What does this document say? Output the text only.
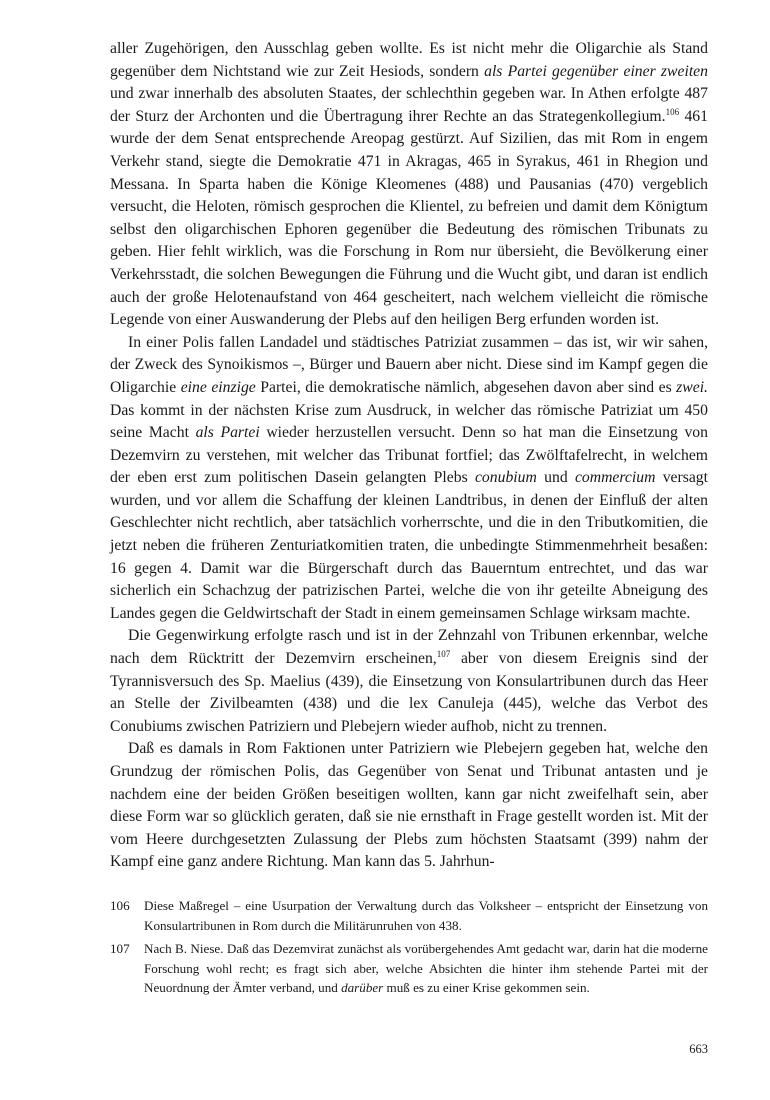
aller Zugehörigen, den Ausschlag geben wollte. Es ist nicht mehr die Oligarchie als Stand gegenüber dem Nichtstand wie zur Zeit Hesiods, sondern als Partei gegenüber einer zweiten und zwar innerhalb des absoluten Staates, der schlechthin gegeben war. In Athen erfolgte 487 der Sturz der Archonten und die Übertragung ihrer Rechte an das Strategenkollegium.$^{106}$ 461 wurde der dem Senat entsprechende Areopag gestürzt. Auf Sizilien, das mit Rom in engem Verkehr stand, siegte die Demokratie 471 in Akragas, 465 in Syrakus, 461 in Rhegion und Messana. In Sparta haben die Könige Kleomenes (488) und Pausanias (470) vergeblich versucht, die Heloten, römisch gesprochen die Klientel, zu befreien und damit dem Königtum selbst den oligarchischen Ephoren gegenüber die Bedeutung des römischen Tribunats zu geben. Hier fehlt wirklich, was die Forschung in Rom nur übersieht, die Bevölkerung einer Verkehrsstadt, die solchen Bewegungen die Führung und die Wucht gibt, und daran ist endlich auch der große Helotenaufstand von 464 gescheitert, nach welchem vielleicht die römische Legende von einer Auswanderung der Plebs auf den heiligen Berg erfunden worden ist.

In einer Polis fallen Landadel und städtisches Patriziat zusammen – das ist, wir wir sahen, der Zweck des Synoikismos –, Bürger und Bauern aber nicht. Diese sind im Kampf gegen die Oligarchie eine einzige Partei, die demokratische nämlich, abgesehen davon aber sind es zwei. Das kommt in der nächsten Krise zum Ausdruck, in welcher das römische Patriziat um 450 seine Macht als Partei wieder herzustellen versucht. Denn so hat man die Einsetzung von Dezemvirn zu verstehen, mit welcher das Tribunat fortfiel; das Zwölftafelrecht, in welchem der eben erst zum politischen Dasein gelangten Plebs conubium und commercium versagt wurden, und vor allem die Schaffung der kleinen Landtribus, in denen der Einfluß der alten Geschlechter nicht rechtlich, aber tatsächlich vorherrschte, und die in den Tributkomitien, die jetzt neben die früheren Zenturiatkomitien traten, die unbedingte Stimmenmehrheit besaßen: 16 gegen 4. Damit war die Bürgerschaft durch das Bauerntum entrechtet, und das war sicherlich ein Schachzug der patrizischen Partei, welche die von ihr geteilte Abneigung des Landes gegen die Geldwirtschaft der Stadt in einem gemeinsamen Schlage wirksam machte.

Die Gegenwirkung erfolgte rasch und ist in der Zehnzahl von Tribunen erkennbar, welche nach dem Rücktritt der Dezemvirn erscheinen,$^{107}$ aber von diesem Ereignis sind der Tyrannisversuch des Sp. Maelius (439), die Einsetzung von Konsulartribunen durch das Heer an Stelle der Zivilbeamten (438) und die lex Canuleja (445), welche das Verbot des Conubiums zwischen Patriziern und Plebejern wieder aufhob, nicht zu trennen.

Daß es damals in Rom Faktionen unter Patriziern wie Plebejern gegeben hat, welche den Grundzug der römischen Polis, das Gegenüber von Senat und Tribunat antasten und je nachdem eine der beiden Größen beseitigen wollten, kann gar nicht zweifelhaft sein, aber diese Form war so glücklich geraten, daß sie nie ernsthaft in Frage gestellt worden ist. Mit der vom Heere durchgesetzten Zulassung der Plebs zum höchsten Staatsamt (399) nahm der Kampf eine ganz andere Richtung. Man kann das 5. Jahrhun-

106	Diese Maßregel – eine Usurpation der Verwaltung durch das Volksheer – entspricht der Einsetzung von Konsulartribunen in Rom durch die Militärunruhen von 438.
107	Nach B. Niese. Daß das Dezemvirat zunächst als vorübergehendes Amt gedacht war, darin hat die moderne Forschung wohl recht; es fragt sich aber, welche Absichten die hinter ihm stehende Partei mit der Neuordnung der Ämter verband, und darüber muß es zu einer Krise gekommen sein.
663
